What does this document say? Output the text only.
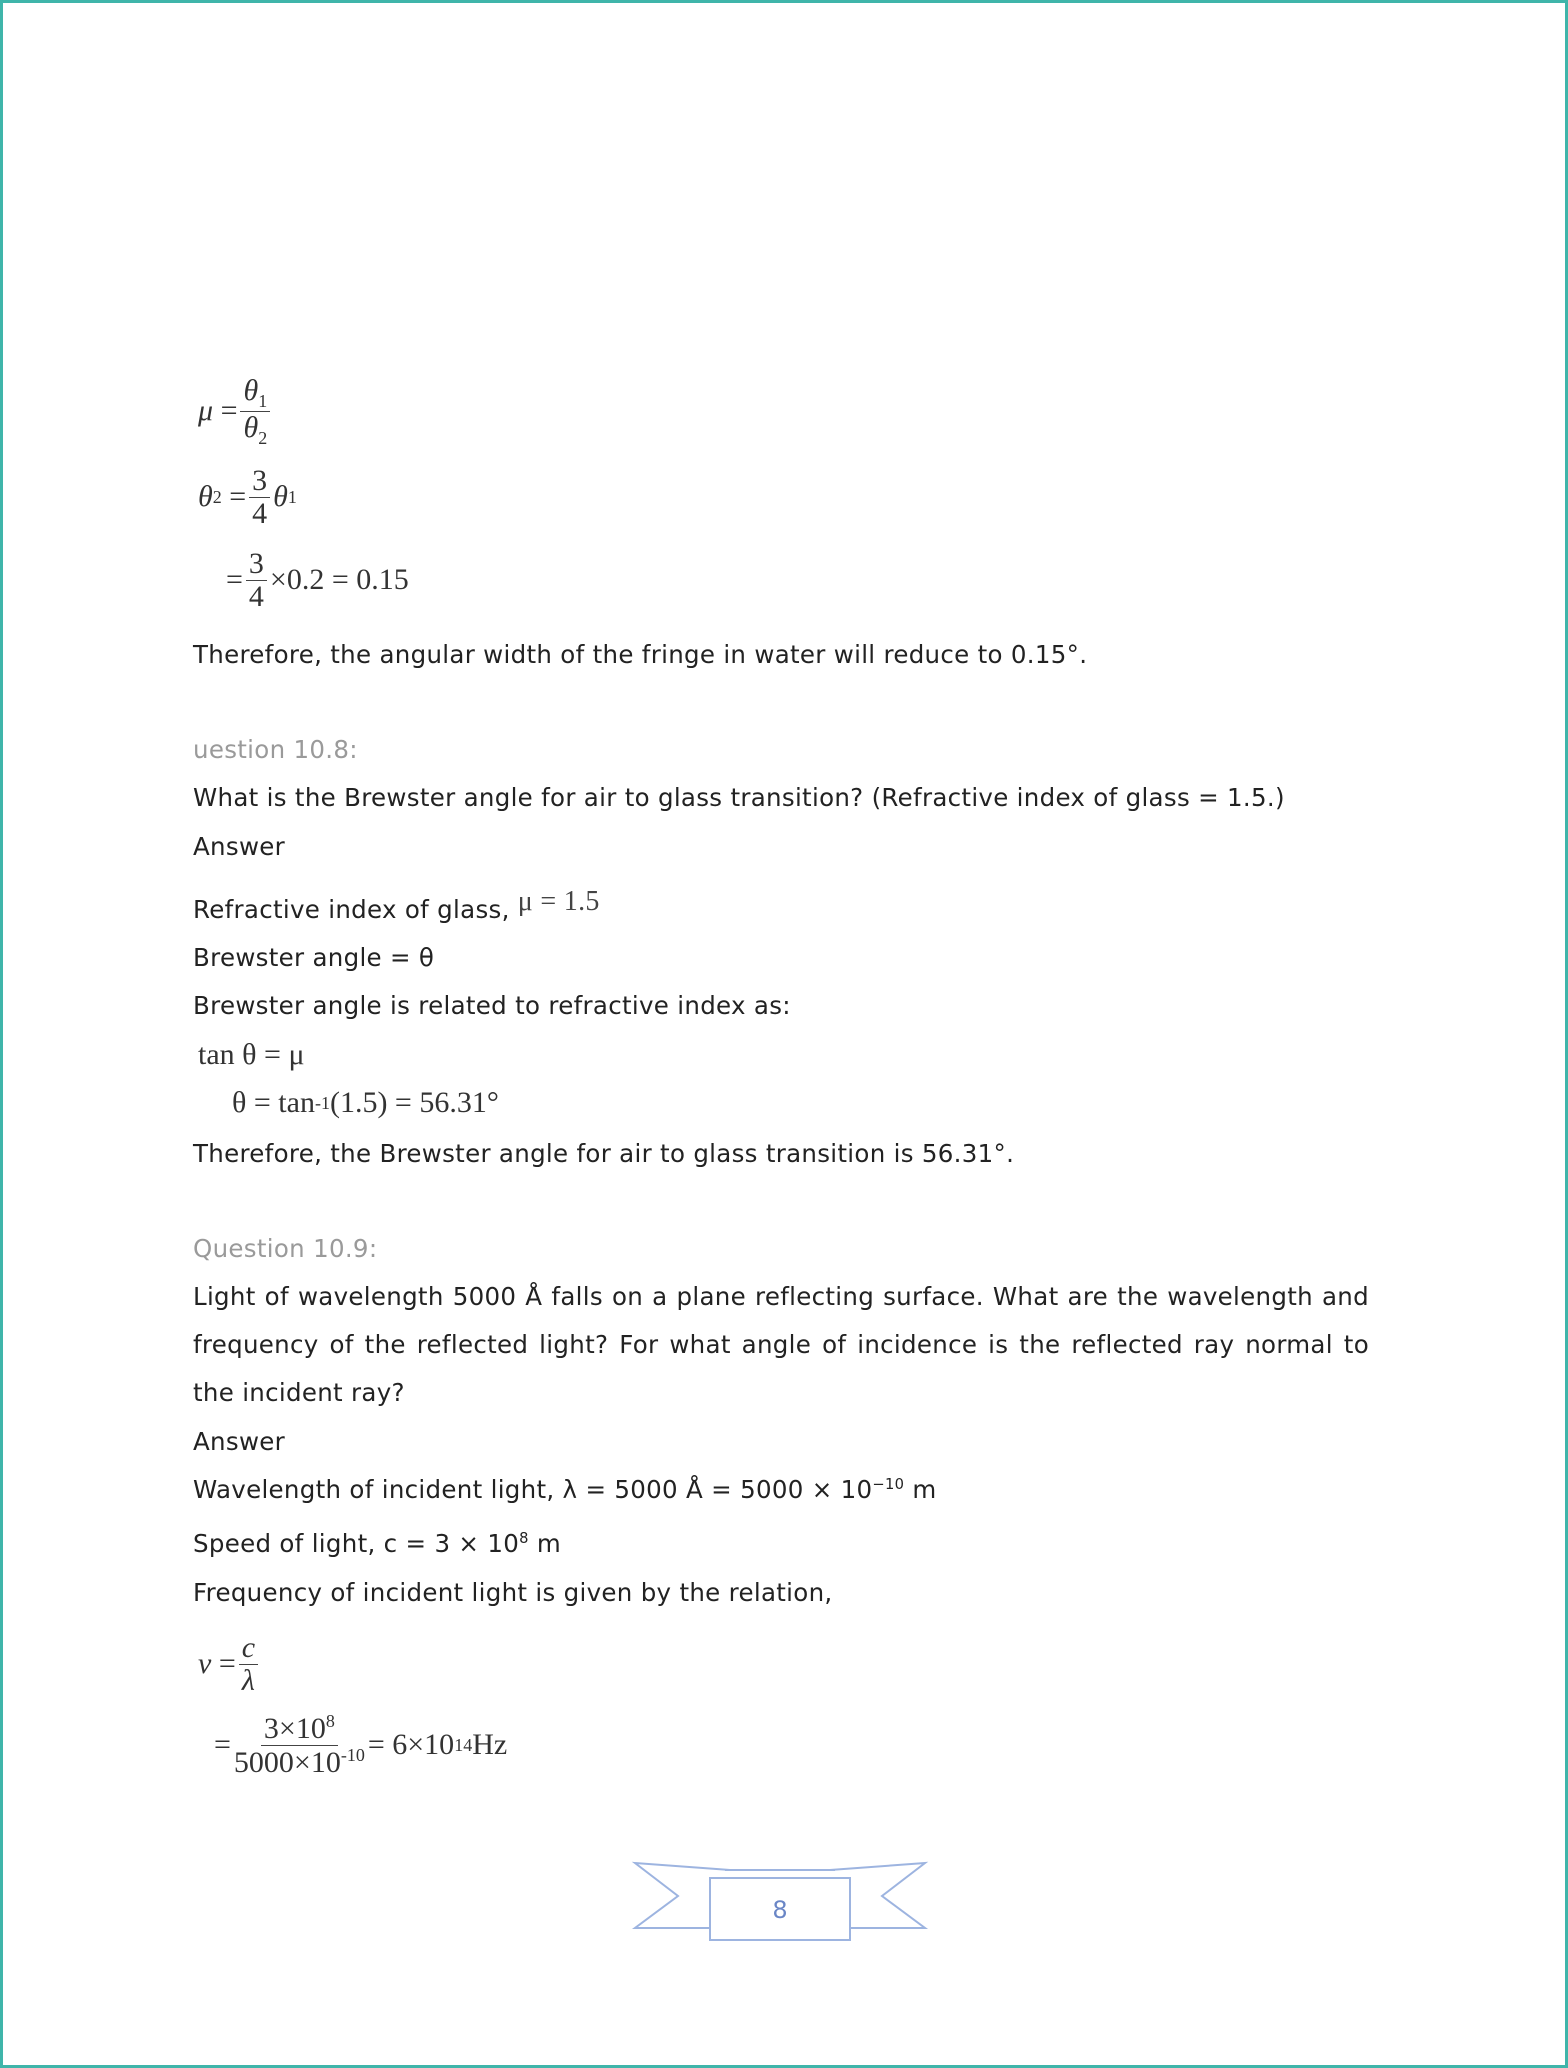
μ =
$\theta_1$
$\theta_2$
θ $2 = \frac{3}{4}$ θ 1
= $\frac{3}{4} \times 0.2 = 0.15$
Therefore, the angular width of the fringe in water will reduce to 0.15°.
uestion 10.8:
What is the Brewster angle for air to glass transition? (Refractive index of glass = 1.5.)
Answer
Refractive index of glass, μ = 1.5
Brewster angle = θ
Brewster angle is related to refractive index as:
tan θ = μ
θ = tan -1 (1.5) = 56.31°
Therefore, the Brewster angle for air to glass transition is 56.31°.
Question 10.9:
Light of wavelength 5000 Å falls on a plane reflecting surface. What are the wavelength and frequency of the reflected light? For what angle of incidence is the reflected ray normal to the incident ray?
Answer
Wavelength of incident light, λ = 5000 Å = $5000 \times 10^{-10}$ m
Speed of light, $c = 3 \times 10^8$ m
Frequency of incident light is given by the relation,
$\nu = \frac{c}{\lambda}$
= $\frac{3\times 10^8}{5000\times 10^{-10}} = 6\times 10$ 14 Hz
8
